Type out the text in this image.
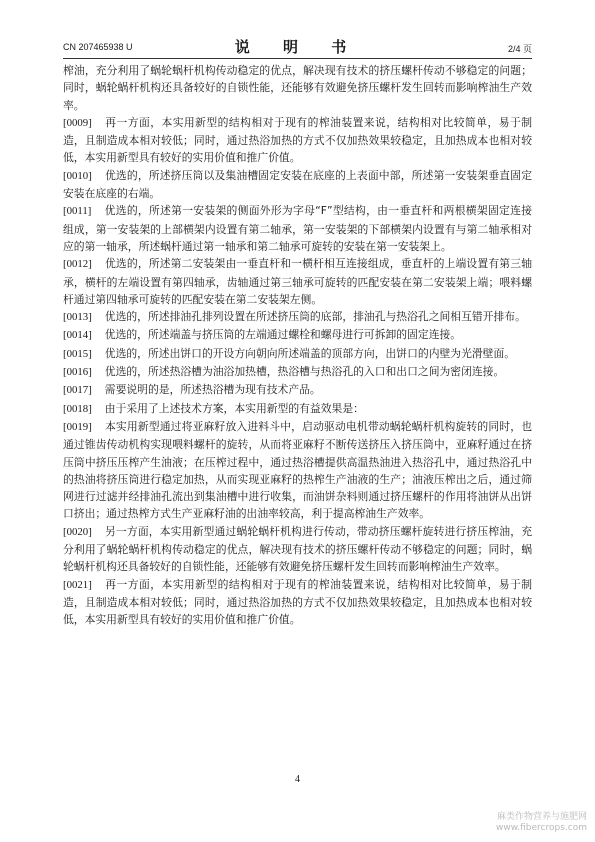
CN 207465938 U	说 明 书	2/4 页

榨油，充分利用了蜗轮蜗杆机构传动稳定的优点，解决现有技术的挤压螺杆传动不够稳定的问题；同时，蜗轮蜗杆机构还具备较好的自锁性能，还能够有效避免挤压螺杆发生回转而影响榨油生产效率。

[0009] 再一方面，本实用新型的结构相对于现有的榨油装置来说，结构相对比较简单，易于制造，且制造成本相对较低；同时，通过热浴加热的方式不仅加热效果较稳定，且加热成本也相对较低，本实用新型具有较好的实用价值和推广价值。

[0010] 优选的，所述挤压筒以及集油槽固定安装在底座的上表面中部，所述第一安装架垂直固定安装在底座的右端。

[0011] 优选的，所述第一安装架的侧面外形为字母“F”型结构，由一垂直杆和两根横架固定连接组成，第一安装架的上部横架内设置有第二轴承，第一安装架的下部横架内设置有与第二轴承相对应的第一轴承，所述蜗杆通过第一轴承和第二轴承可旋转的安装在第一安装架上。

[0012] 优选的，所述第二安装架由一垂直杆和一横杆相互连接组成，垂直杆的上端设置有第三轴承，横杆的左端设置有第四轴承，齿轴通过第三轴承可旋转的匹配安装在第二安装架上端；喂料螺杆通过第四轴承可旋转的匹配安装在第二安装架左侧。

[0013] 优选的，所述排油孔排列设置在所述挤压筒的底部，排油孔与热浴孔之间相互错开排布。

[0014] 优选的，所述端盖与挤压筒的左端通过螺栓和螺母进行可拆卸的固定连接。

[0015] 优选的，所述出饼口的开设方向朝向所述端盖的顶部方向，出饼口的内壁为光滑壁面。

[0016] 优选的，所述热浴槽为油浴加热槽，热浴槽与热浴孔的入口和出口之间为密闭连接。

[0017] 需要说明的是，所述热浴槽为现有技术产品。

[0018] 由于采用了上述技术方案，本实用新型的有益效果是：

[0019] 本实用新型通过将亚麻籽放入进料斗中，启动驱动电机带动蜗轮蜗杆机构旋转的同时，也通过锥齿传动机构实现喂料螺杆的旋转，从而将亚麻籽不断传送挤压入挤压筒中，亚麻籽通过在挤压筒中挤压压榨产生油液；在压榨过程中，通过热浴槽提供高温热油进入热浴孔中，通过热浴孔中的热油将挤压筒进行稳定加热，从而实现亚麻籽的热榨生产油液的生产；油液压榨出之后，通过筛网进行过滤并经排油孔流出到集油槽中进行收集，而油饼杂料则通过挤压螺杆的作用将油饼从出饼口挤出；通过热榨方式生产亚麻籽油的出油率较高，利于提高榨油生产效率。

[0020] 另一方面，本实用新型通过蜗轮蜗杆机构进行传动，带动挤压螺杆旋转进行挤压榨油，充分利用了蜗轮蜗杆机构传动稳定的优点，解决现有技术的挤压螺杆传动不够稳定的问题；同时，蜗轮蜗杆机构还具备较好的自锁性能，还能够有效避免挤压螺杆发生回转而影响榨油生产效率。

[0021] 再一方面，本实用新型的结构相对于现有的榨油装置来说，结构相对比较简单，易于制造，且制造成本相对较低；同时，通过热浴加热的方式不仅加热效果较稳定，且加热成本也相对较低，本实用新型具有较好的实用价值和推广价值。

4
麻类作物营养与施肥网
www.fibercrops.com
